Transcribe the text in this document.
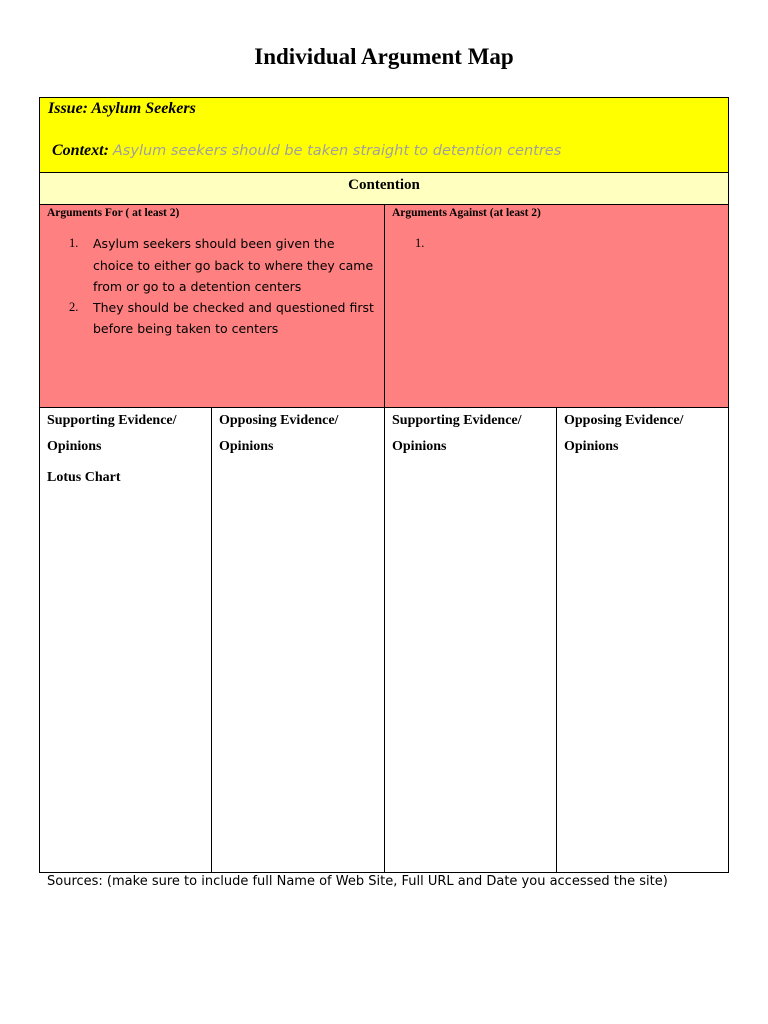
Individual Argument Map
Issue: Asylum Seekers
Context: Asylum seekers should be taken straight to detention centres
Contention
Arguments For ( at least 2)
1. Asylum seekers should been given the choice to either go back to where they came from or go to a detention centers
2. They should be checked and questioned first before being taken to centers
Arguments Against (at least 2)
1.
Supporting Evidence/ Opinions
Lotus Chart
Opposing Evidence/ Opinions
Supporting Evidence/ Opinions
Opposing Evidence/ Opinions
Sources: (make sure to include full Name of Web Site, Full URL and Date you accessed the site)
